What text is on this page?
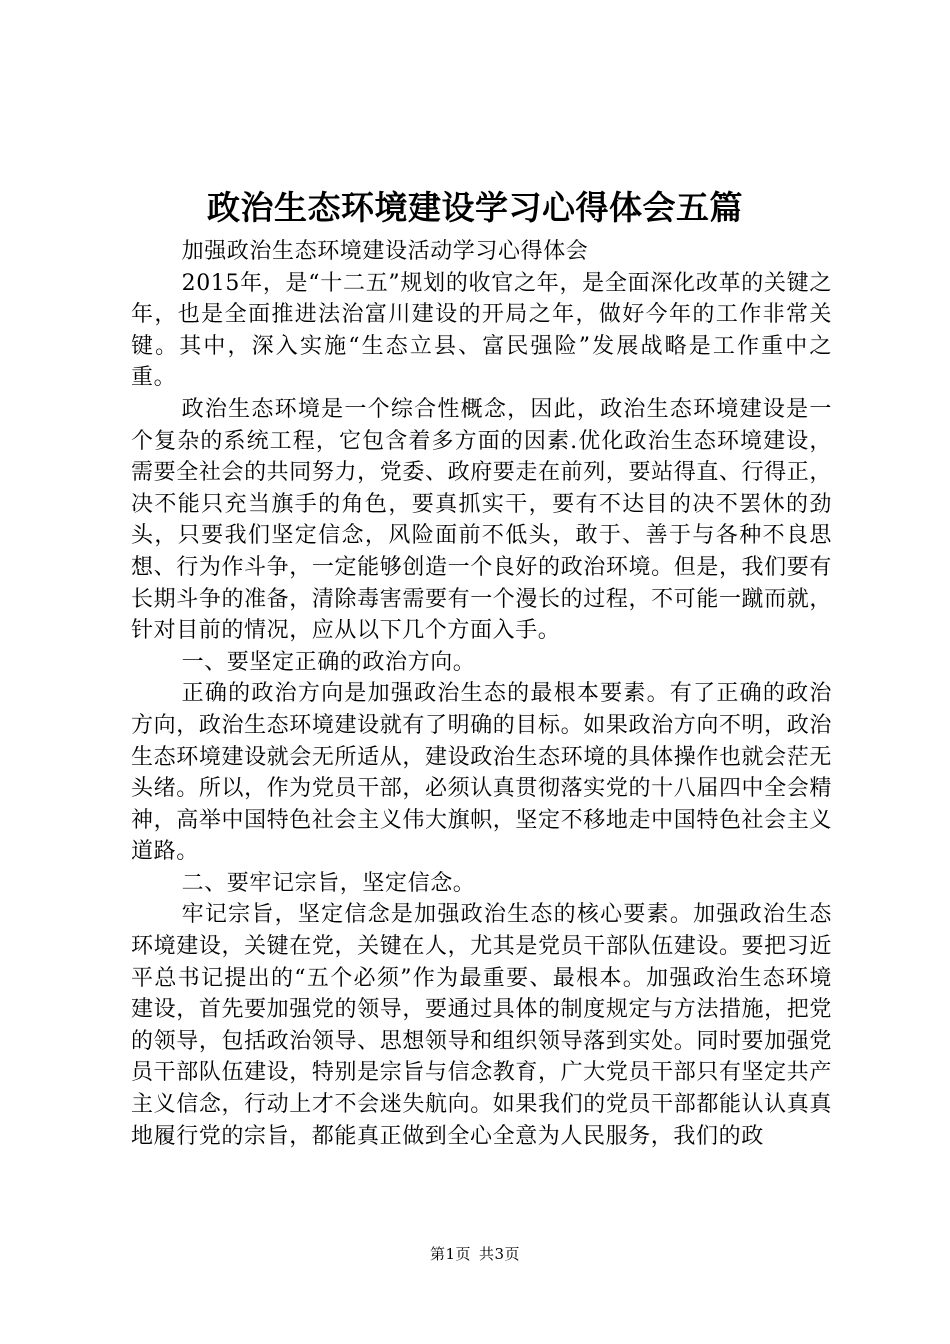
政治生态环境建设学习心得体会五篇

加强政治生态环境建设活动学习心得体会

2015年，是“十二五”规划的收官之年，是全面深化改革的关键之年，也是全面推进法治富川建设的开局之年，做好今年的工作非常关键。其中，深入实施“生态立县、富民强险”发展战略是工作重中之重。

政治生态环境是一个综合性概念，因此，政治生态环境建设是一个复杂的系统工程，它包含着多方面的因素.优化政治生态环境建设，需要全社会的共同努力，党委、政府要走在前列，要站得直、行得正，决不能只充当旗手的角色，要真抓实干，要有不达目的决不罢休的劲头，只要我们坚定信念，风险面前不低头，敢于、善于与各种不良思想、行为作斗争，一定能够创造一个良好的政治环境。但是，我们要有长期斗争的准备，清除毒害需要有一个漫长的过程，不可能一蹴而就，针对目前的情况，应从以下几个方面入手。

一、要坚定正确的政治方向。

正确的政治方向是加强政治生态的最根本要素。有了正确的政治方向，政治生态环境建设就有了明确的目标。如果政治方向不明，政治生态环境建设就会无所适从，建设政治生态环境的具体操作也就会茫无头绪。所以，作为党员干部，必须认真贯彻落实党的十八届四中全会精神，高举中国特色社会主义伟大旗帜，坚定不移地走中国特色社会主义道路。

二、要牢记宗旨，坚定信念。

牢记宗旨，坚定信念是加强政治生态的核心要素。加强政治生态环境建设，关键在党，关键在人，尤其是党员干部队伍建设。要把习近平总书记提出的“五个必须”作为最重要、最根本。加强政治生态环境建设，首先要加强党的领导，要通过具体的制度规定与方法措施，把党的领导，包括政治领导、思想领导和组织领导落到实处。同时要加强党员干部队伍建设，特别是宗旨与信念教育，广大党员干部只有坚定共产主义信念，行动上才不会迷失航向。如果我们的党员干部都能认认真真地履行党的宗旨，都能真正做到全心全意为人民服务，我们的政

第1页 共3页
